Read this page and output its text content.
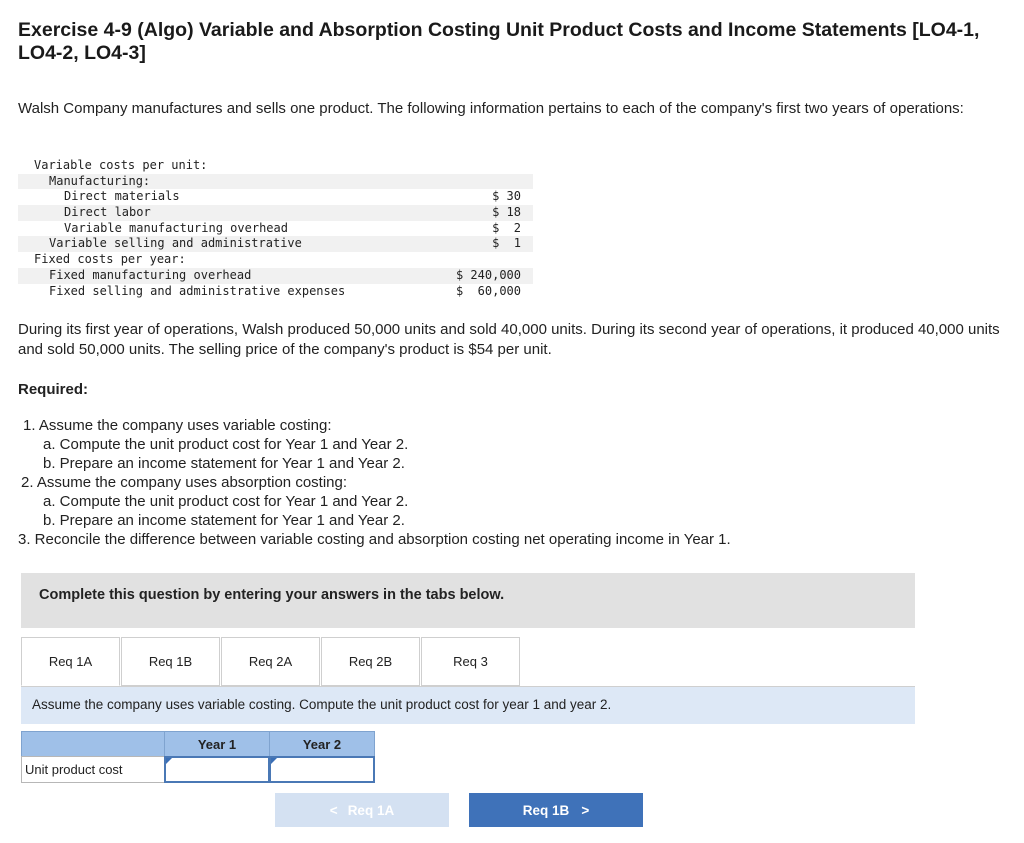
Exercise 4-9 (Algo) Variable and Absorption Costing Unit Product Costs and Income Statements [LO4-1, LO4-2, LO4-3]
Walsh Company manufactures and sells one product. The following information pertains to each of the company's first two years of operations:
Variable costs per unit:
Manufacturing:
Direct materials	$ 30
Direct labor	$ 18
Variable manufacturing overhead	$  2
Variable selling and administrative	$  1
Fixed costs per year:
Fixed manufacturing overhead	$ 240,000
Fixed selling and administrative expenses	$  60,000
During its first year of operations, Walsh produced 50,000 units and sold 40,000 units. During its second year of operations, it produced 40,000 units and sold 50,000 units. The selling price of the company's product is $54 per unit.
Required:
1. Assume the company uses variable costing:
a. Compute the unit product cost for Year 1 and Year 2.
b. Prepare an income statement for Year 1 and Year 2.
2. Assume the company uses absorption costing:
a. Compute the unit product cost for Year 1 and Year 2.
b. Prepare an income statement for Year 1 and Year 2.
3. Reconcile the difference between variable costing and absorption costing net operating income in Year 1.
Complete this question by entering your answers in the tabs below.
Req 1A	Req 1B	Req 2A	Req 2B	Req 3
Assume the company uses variable costing. Compute the unit product cost for year 1 and year 2.
Year 1	Year 2
Unit product cost
< Req 1A	Req 1B >
